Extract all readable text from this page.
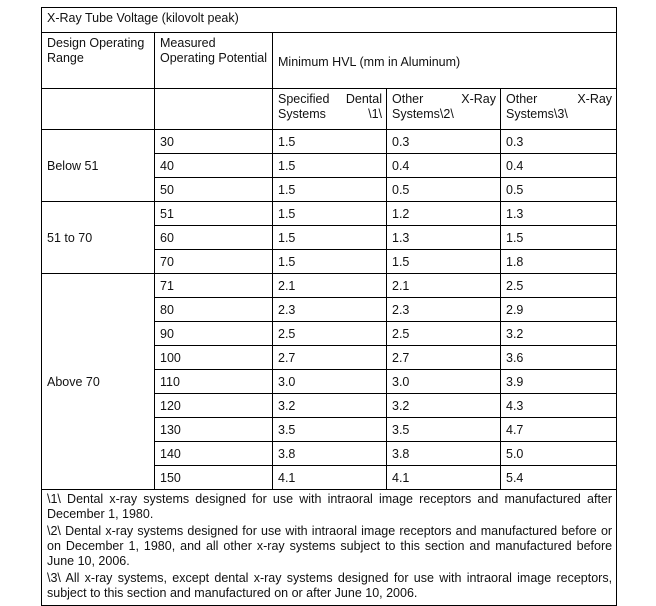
X-Ray Tube Voltage (kilovolt peak)				
Design Operating Range	Measured Operating Potential	Minimum HVL (mm in Aluminum)		
		Specified Dental Systems \1\	Other X-Ray Systems\2\	Other X-Ray Systems\3\
Below 51	30	1.5	0.3	0.3
	40	1.5	0.4	0.4
	50	1.5	0.5	0.5
51 to 70	51	1.5	1.2	1.3
	60	1.5	1.3	1.5
	70	1.5	1.5	1.8
Above 70	71	2.1	2.1	2.5
	80	2.3	2.3	2.9
	90	2.5	2.5	3.2
	100	2.7	2.7	3.6
	110	3.0	3.0	3.9
	120	3.2	3.2	4.3
	130	3.5	3.5	4.7
	140	3.8	3.8	5.0
	150	4.1	4.1	5.4

\1\ Dental x-ray systems designed for use with intraoral image receptors and manufactured after December 1, 1980.

\2\ Dental x-ray systems designed for use with intraoral image receptors and manufactured before or on December 1, 1980, and all other x-ray systems subject to this section and manufactured before June 10, 2006.

\3\ All x-ray systems, except dental x-ray systems designed for use with intraoral image receptors, subject to this section and manufactured on or after June 10, 2006.				
